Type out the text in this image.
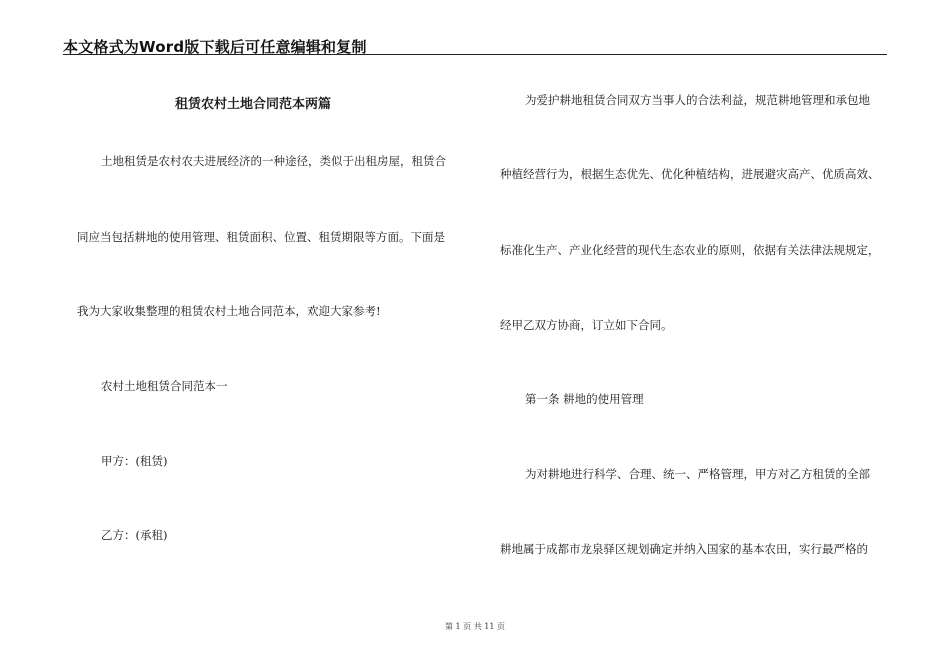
本文格式为Word版下载后可任意编辑和复制
租赁农村土地合同范本两篇
土地租赁是农村农夫进展经济的一种途径，类似于出租房屋，租赁合
同应当包括耕地的使用管理、租赁面积、位置、租赁期限等方面。下面是
我为大家收集整理的租赁农村土地合同范本，欢迎大家参考!
农村土地租赁合同范本一
甲方：(租赁)
乙方：(承租)
为爱护耕地租赁合同双方当事人的合法利益，规范耕地管理和承包地
种植经营行为，根据生态优先、优化种植结构，进展避灾高产、优质高效、
标准化生产、产业化经营的现代生态农业的原则，依据有关法律法规规定，
经甲乙双方协商，订立如下合同。
第一条 耕地的使用管理
为对耕地进行科学、合理、统一、严格管理，甲方对乙方租赁的全部
耕地属于成都市龙泉驿区规划确定并纳入国家的基本农田，实行最严格的
第 1 页 共 11 页
